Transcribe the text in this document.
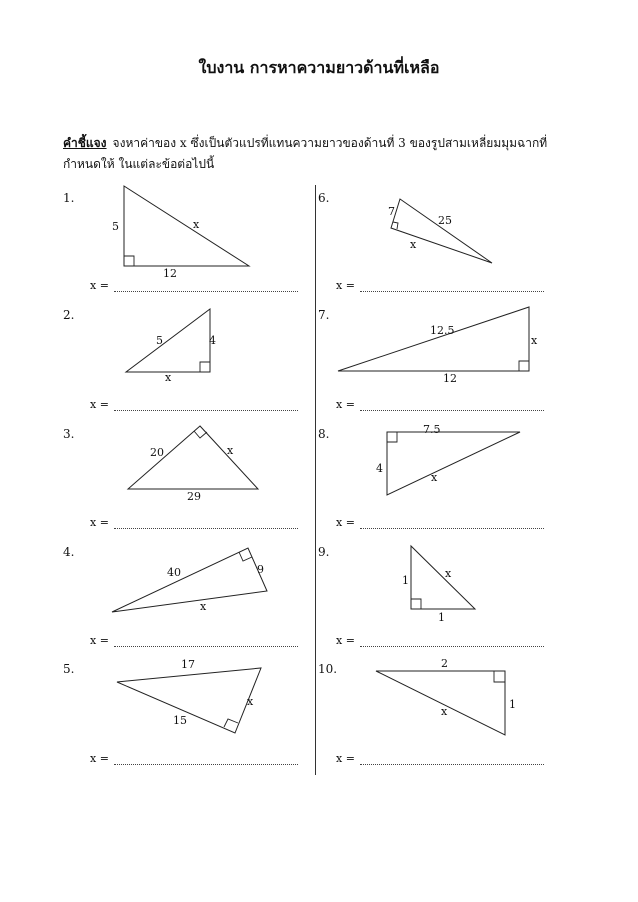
ใบงาน การหาความยาวด้านที่เหลือ
คำชี้แจง จงหาค่าของ x ซึ่งเป็นตัวแปรที่แทนความยาวของด้านที่ 3 ของรูปสามเหลี่ยมมุมฉากที่กำหนดให้ ในแต่ละข้อต่อไปนี้
1.
2.
3.
4.
5.
6.
7.
8.
9.
10.
x =
x =
x =
x =
x =
x =
x =
x =
x =
x =
5	x
12
5	4
x
20	x
29
40	9
x
17
x
15
7
25
x
12.5
x
12
7.5
4
x
1
x
1
2
1
x
